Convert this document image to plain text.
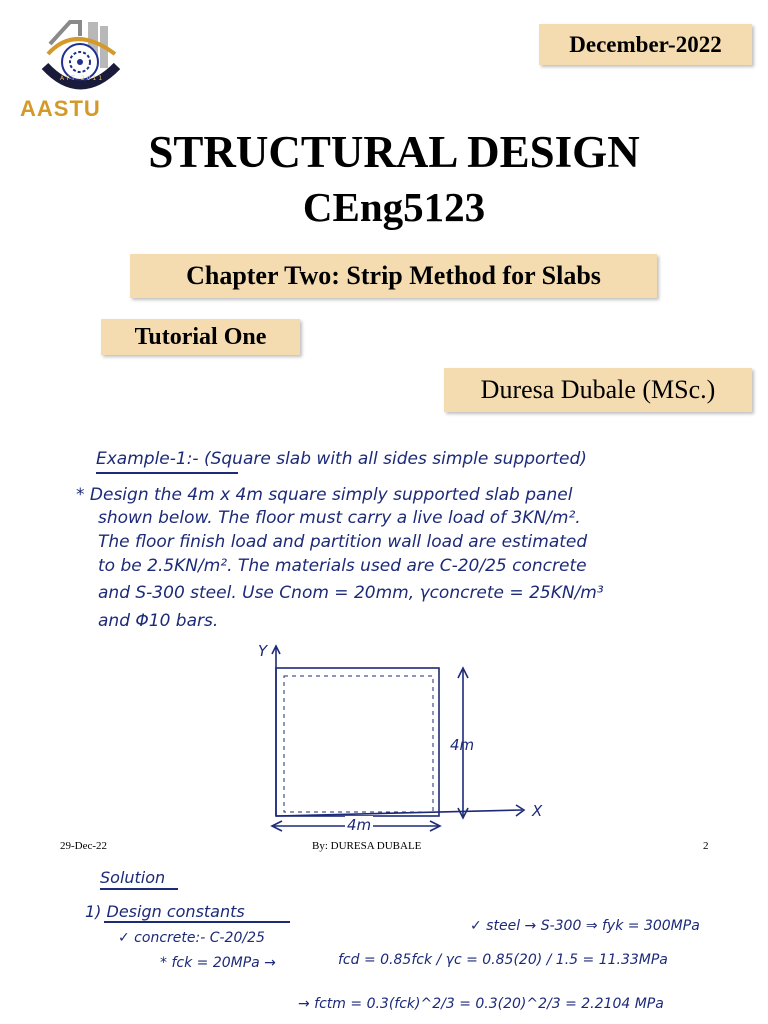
AYT 2011
AASTU
December-2022
STRUCTURAL DESIGN
CEng5123
Chapter Two: Strip Method for Slabs
Tutorial One
Duresa Dubale (MSc.)
Example-1:- (Square slab with all sides simple supported)
* Design the 4m x 4m square simply supported slab panel
shown below. The floor must carry a live load of 3KN/m².
The floor finish load and partition wall load are estimated
to be 2.5KN/m². The materials used are C-20/25 concrete
and S-300 steel. Use Cnom = 20mm, γconcrete = 25KN/m³
and Φ10 bars.
Y
X
4m
4m
29-Dec-22	By: DURESA DUBALE	2
Solution
1) Design constants
✓ concrete:- C-20/25
✓ steel → S-300 ⇒ fyk = 300MPa
* fck = 20MPa →	fcd = 0.85fck / γc = 0.85(20) / 1.5 = 11.33MPa
→ fctm = 0.3(fck)^2/3 = 0.3(20)^2/3 = 2.2104 MPa
